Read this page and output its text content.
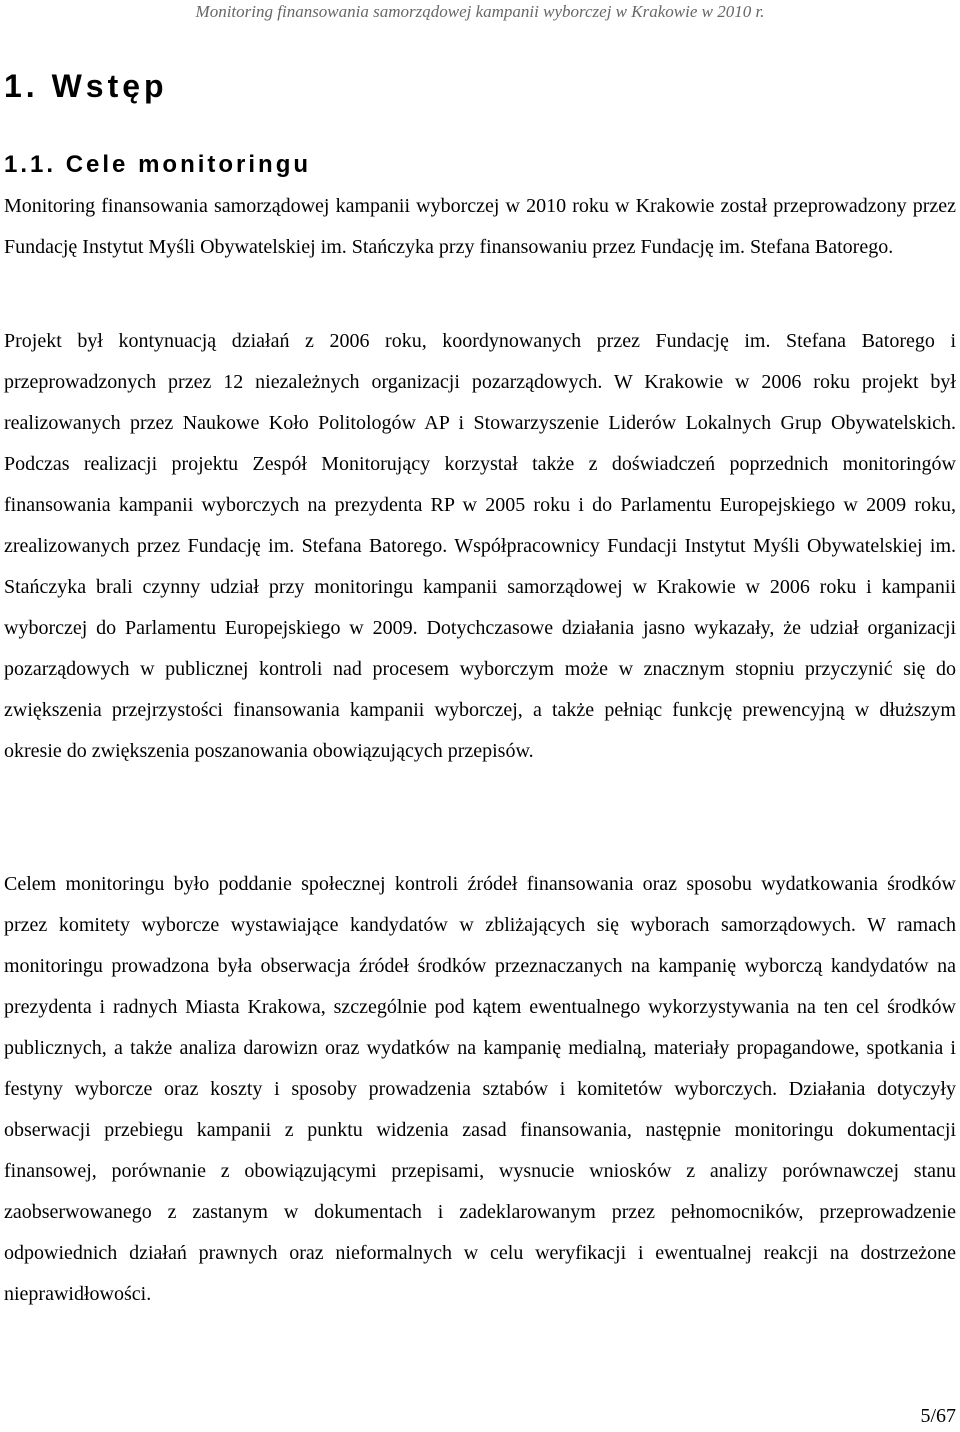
Monitoring finansowania samorządowej kampanii wyborczej w Krakowie w 2010 r.
1. Wstęp
1.1. Cele monitoringu

Monitoring finansowania samorządowej kampanii wyborczej w 2010 roku w Krakowie został przeprowadzony przez Fundację Instytut Myśli Obywatelskiej im. Stańczyka przy finansowaniu przez Fundację im. Stefana Batorego.

Projekt był kontynuacją działań z 2006 roku, koordynowanych przez Fundację im. Stefana Batorego i przeprowadzonych przez 12 niezależnych organizacji pozarządowych. W Krakowie w 2006 roku projekt był realizowanych przez Naukowe Koło Politologów AP i Stowarzyszenie Liderów Lokalnych Grup Obywatelskich. Podczas realizacji projektu Zespół Monitorujący korzystał także z doświadczeń poprzednich monitoringów finansowania kampanii wyborczych na prezydenta RP w 2005 roku i do Parlamentu Europejskiego w 2009 roku, zrealizowanych przez Fundację im. Stefana Batorego. Współpracownicy Fundacji Instytut Myśli Obywatelskiej im. Stańczyka brali czynny udział przy monitoringu kampanii samorządowej w Krakowie w 2006 roku i kampanii wyborczej do Parlamentu Europejskiego w 2009. Dotychczasowe działania jasno wykazały, że udział organizacji pozarządowych w publicznej kontroli nad procesem wyborczym może w znacznym stopniu przyczynić się do zwiększenia przejrzystości finansowania kampanii wyborczej, a także pełniąc funkcję prewencyjną w dłuższym okresie do zwiększenia poszanowania obowiązujących przepisów.

Celem monitoringu było poddanie społecznej kontroli źródeł finansowania oraz sposobu wydatkowania środków przez komitety wyborcze wystawiające kandydatów w zbliżających się wyborach samorządowych. W ramach monitoringu prowadzona była obserwacja źródeł środków przeznaczanych na kampanię wyborczą kandydatów na prezydenta i radnych Miasta Krakowa, szczególnie pod kątem ewentualnego wykorzystywania na ten cel środków publicznych, a także analiza darowizn oraz wydatków na kampanię medialną, materiały propagandowe, spotkania i festyny wyborcze oraz koszty i sposoby prowadzenia sztabów i komitetów wyborczych. Działania dotyczyły obserwacji przebiegu kampanii z punktu widzenia zasad finansowania, następnie monitoringu dokumentacji finansowej, porównanie z obowiązującymi przepisami, wysnucie wniosków z analizy porównawczej stanu zaobserwowanego z zastanym w dokumentach i zadeklarowanym przez pełnomocników, przeprowadzenie odpowiednich działań prawnych oraz nieformalnych w celu weryfikacji i ewentualnej reakcji na dostrzeżone nieprawidłowości.

5/67
